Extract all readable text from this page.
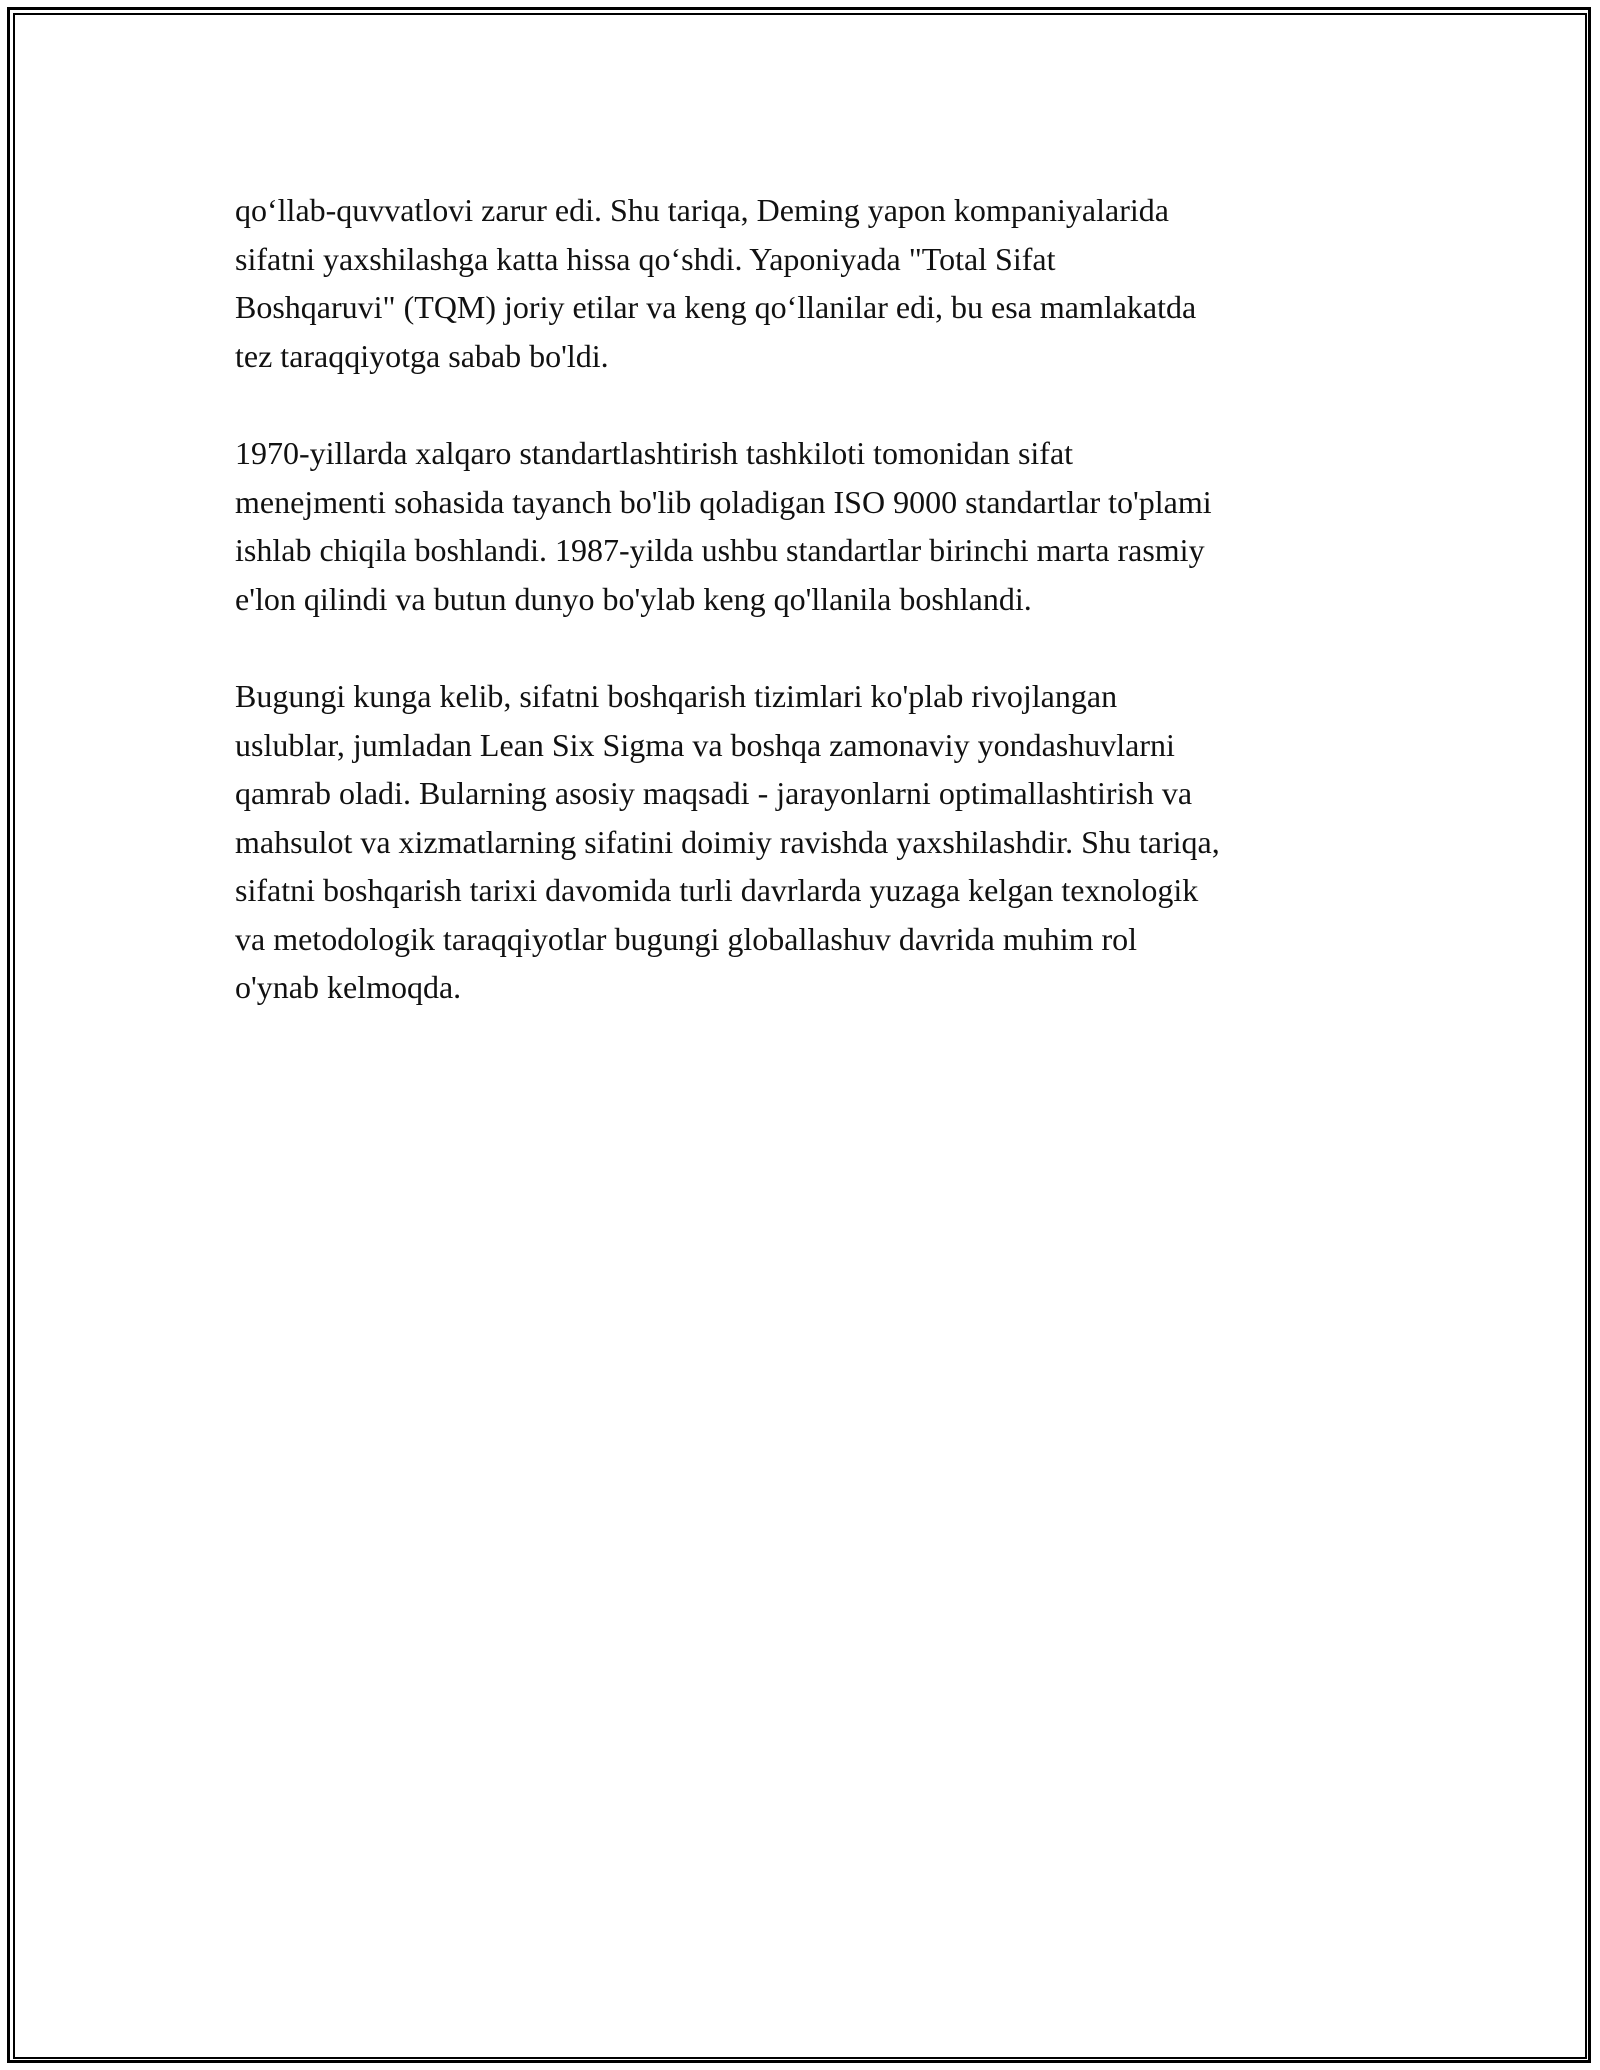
qo‘llab-quvvatlovi zarur edi. Shu tariqa, Deming yapon kompaniyalarida
sifatni yaxshilashga katta hissa qo‘shdi. Yaponiyada "Total Sifat
Boshqaruvi" (TQM) joriy etilar va keng qo‘llanilar edi, bu esa mamlakatda
tez taraqqiyotga sabab bo'ldi.

1970-yillarda xalqaro standartlashtirish tashkiloti tomonidan sifat
menejmenti sohasida tayanch bo'lib qoladigan ISO 9000 standartlar to'plami
ishlab chiqila boshlandi. 1987-yilda ushbu standartlar birinchi marta rasmiy
e'lon qilindi va butun dunyo bo'ylab keng qo'llanila boshlandi.

Bugungi kunga kelib, sifatni boshqarish tizimlari ko'plab rivojlangan
uslublar, jumladan Lean Six Sigma va boshqa zamonaviy yondashuvlarni
qamrab oladi. Bularning asosiy maqsadi - jarayonlarni optimallashtirish va
mahsulot va xizmatlarning sifatini doimiy ravishda yaxshilashdir. Shu tariqa,
sifatni boshqarish tarixi davomida turli davrlarda yuzaga kelgan texnologik
va metodologik taraqqiyotlar bugungi globallashuv davrida muhim rol
o'ynab kelmoqda.
